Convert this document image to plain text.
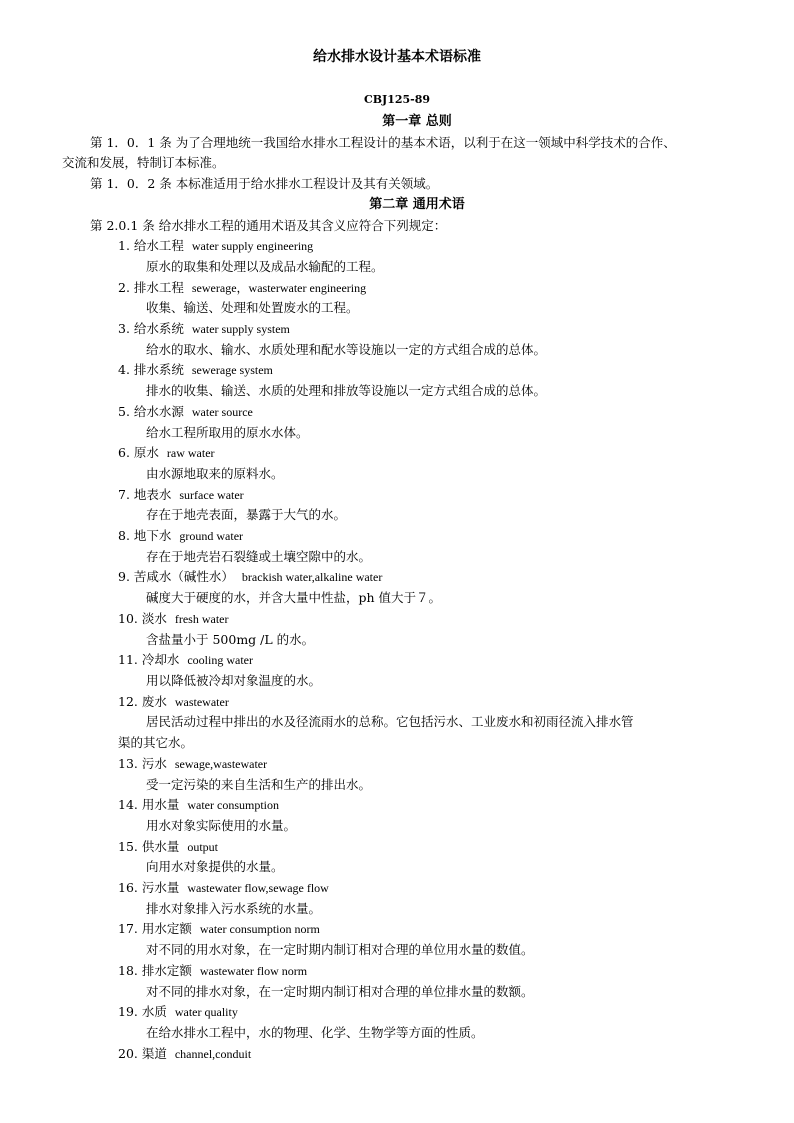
给水排水设计基本术语标准
CBJ125-89
第一章 总则
第 1．0．1 条 为了合理地统一我国给水排水工程设计的基本术语，以利于在这一领域中科学技术的合作、
交流和发展，特制订本标准。
第 1．0．2 条 本标准适用于给水排水工程设计及其有关领域。
第二章 通用术语
第 2.0.1 条 给水排水工程的通用术语及其含义应符合下列规定：
1. 给水工程 water supply engineering
原水的取集和处理以及成品水输配的工程。
2. 排水工程 sewerage，wasterwater engineering
收集、输送、处理和处置废水的工程。
3. 给水系统 water supply system
给水的取水、输水、水质处理和配水等设施以一定的方式组合成的总体。
4. 排水系统 sewerage system
排水的收集、输送、水质的处理和排放等设施以一定方式组合成的总体。
5. 给水水源 water source
给水工程所取用的原水水体。
6. 原水 raw water
由水源地取来的原料水。
7. 地表水 surface water
存在于地壳表面，暴露于大气的水。
8. 地下水 ground water
存在于地壳岩石裂缝或土壤空隙中的水。
9. 苦咸水（碱性水） brackish water,alkaline water
碱度大于硬度的水，并含大量中性盐，ph 值大于７。
10. 淡水 fresh water
含盐量小于 500mg /L 的水。
11. 冷却水 cooling water
用以降低被冷却对象温度的水。
12. 废水 wastewater
居民活动过程中排出的水及径流雨水的总称。它包括污水、工业废水和初雨径流入排水管
渠的其它水。
13. 污水 sewage,wastewater
受一定污染的来自生活和生产的排出水。
14. 用水量 water consumption
用水对象实际使用的水量。
15. 供水量 output
向用水对象提供的水量。
16. 污水量 wastewater flow,sewage flow
排水对象排入污水系统的水量。
17. 用水定额 water consumption norm
对不同的用水对象，在一定时期内制订相对合理的单位用水量的数值。
18. 排水定额 wastewater flow norm
对不同的排水对象，在一定时期内制订相对合理的单位排水量的数额。
19. 水质 water quality
在给水排水工程中，水的物理、化学、生物学等方面的性质。
20. 渠道 channel,conduit
